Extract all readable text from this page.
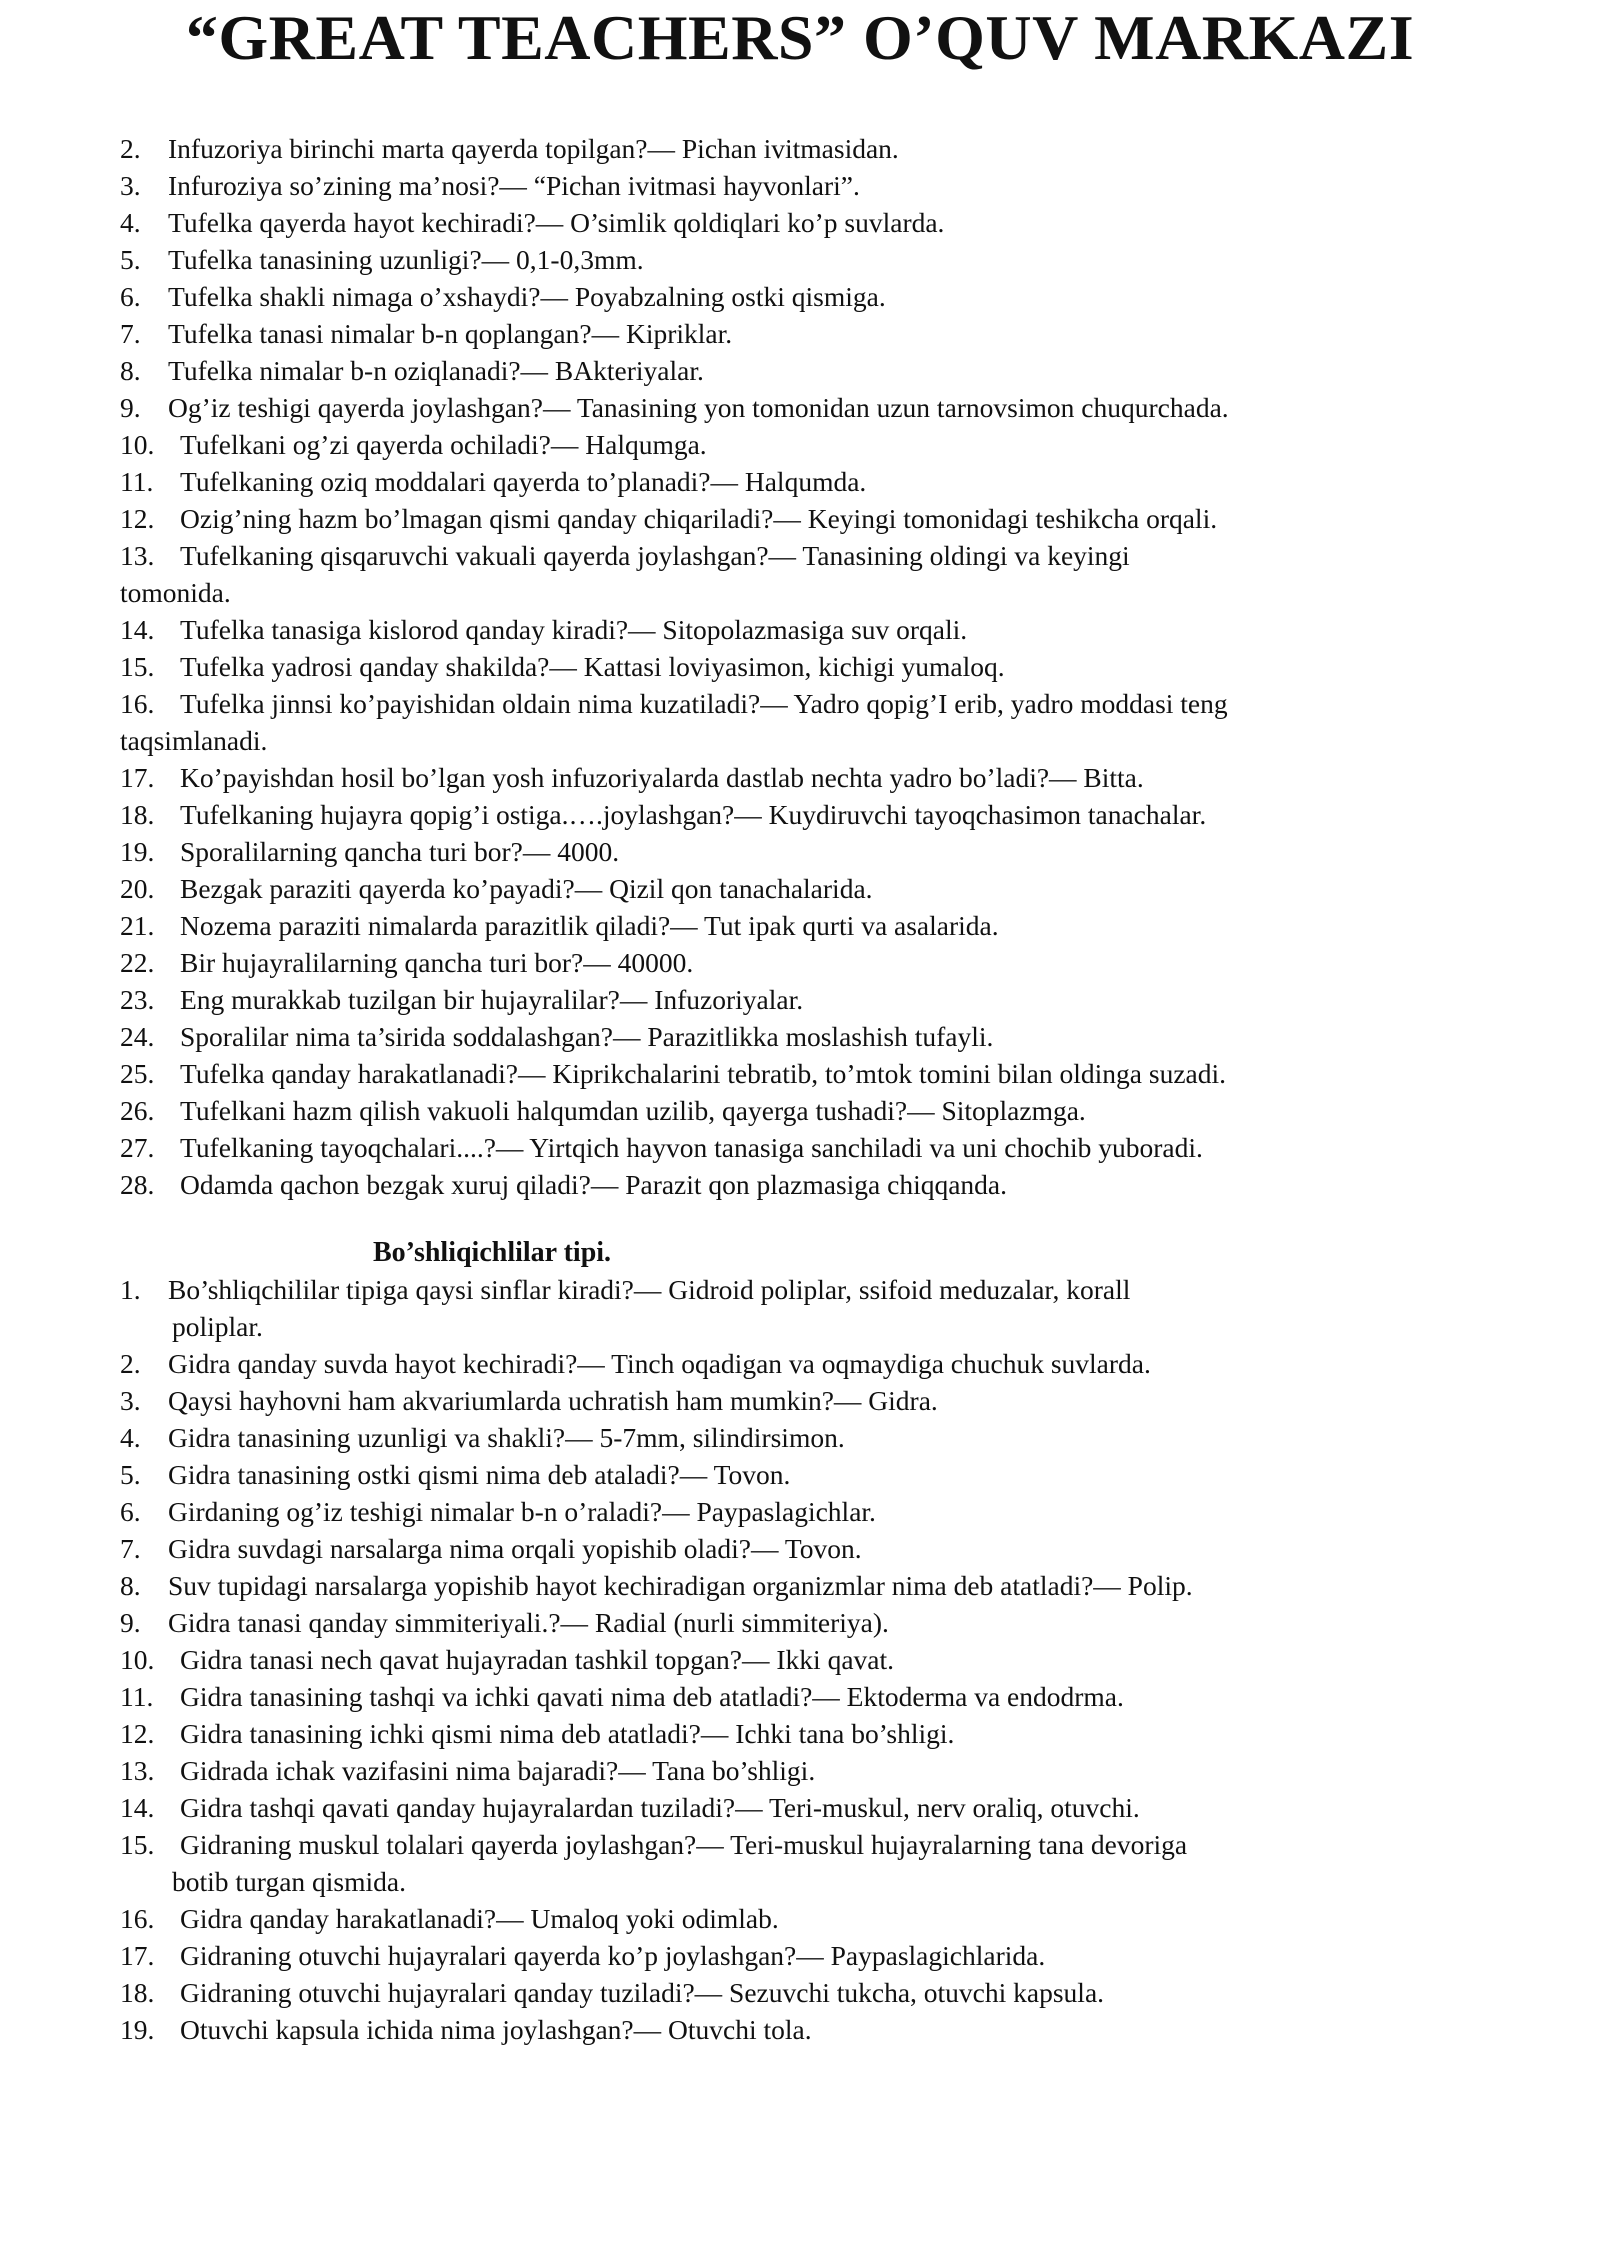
“GREAT TEACHERS” O’QUV MARKAZI
2. Infuzoriya birinchi marta qayerda topilgan?— Pichan ivitmasidan.
3. Infuroziya so’zining ma’nosi?— “Pichan ivitmasi hayvonlari”.
4. Tufelka qayerda hayot kechiradi?— O’simlik qoldiqlari ko’p suvlarda.
5. Tufelka tanasining uzunligi?— 0,1-0,3mm.
6. Tufelka shakli nimaga o’xshaydi?— Poyabzalning ostki qismiga.
7. Tufelka tanasi nimalar b-n qoplangan?— Kipriklar.
8. Tufelka nimalar b-n oziqlanadi?— BAkteriyalar.
9. Og’iz teshigi qayerda joylashgan?— Tanasining yon tomonidan uzun tarnovsimon chuqurchada.
10. Tufelkani og’zi qayerda ochiladi?— Halqumga.
11. Tufelkaning oziq moddalari qayerda to’planadi?— Halqumda.
12. Ozig’ning hazm bo’lmagan qismi qanday chiqariladi?— Keyingi tomonidagi teshikcha orqali.
13. Tufelkaning qisqaruvchi vakuali qayerda joylashgan?— Tanasining oldingi va keyingi
tomonida.
14. Tufelka tanasiga kislorod qanday kiradi?— Sitopolazmasiga suv orqali.
15. Tufelka yadrosi qanday shakilda?— Kattasi loviyasimon, kichigi yumaloq.
16. Tufelka jinnsi ko’payishidan oldain nima kuzatiladi?— Yadro qopig’I erib, yadro moddasi teng
taqsimlanadi.
17. Ko’payishdan hosil bo’lgan yosh infuzoriyalarda dastlab nechta yadro bo’ladi?— Bitta.
18. Tufelkaning hujayra qopig’i ostiga.….joylashgan?— Kuydiruvchi tayoqchasimon tanachalar.
19. Sporalilarning qancha turi bor?— 4000.
20. Bezgak paraziti qayerda ko’payadi?— Qizil qon tanachalarida.
21. Nozema paraziti nimalarda parazitlik qiladi?— Tut ipak qurti va asalarida.
22. Bir hujayralilarning qancha turi bor?— 40000.
23. Eng murakkab tuzilgan bir hujayralilar?— Infuzoriyalar.
24. Sporalilar nima ta’sirida soddalashgan?— Parazitlikka moslashish tufayli.
25. Tufelka qanday harakatlanadi?— Kiprikchalarini tebratib, to’mtok tomini bilan oldinga suzadi.
26. Tufelkani hazm qilish vakuoli halqumdan uzilib, qayerga tushadi?— Sitoplazmga.
27. Tufelkaning tayoqchalari....?— Yirtqich hayvon tanasiga sanchiladi va uni chochib yuboradi.
28. Odamda qachon bezgak xuruj qiladi?— Parazit qon plazmasiga chiqqanda.
Bo’shliqichlilar tipi.
1. Bo’shliqchililar tipiga qaysi sinflar kiradi?— Gidroid poliplar, ssifoid meduzalar, korall
poliplar.
2. Gidra qanday suvda hayot kechiradi?— Tinch oqadigan va oqmaydiga chuchuk suvlarda.
3. Qaysi hayhovni ham akvariumlarda uchratish ham mumkin?— Gidra.
4. Gidra tanasining uzunligi va shakli?— 5-7mm, silindirsimon.
5. Gidra tanasining ostki qismi nima deb ataladi?— Tovon.
6. Girdaning og’iz teshigi nimalar b-n o’raladi?— Paypaslagichlar.
7. Gidra suvdagi narsalarga nima orqali yopishib oladi?— Tovon.
8. Suv tupidagi narsalarga yopishib hayot kechiradigan organizmlar nima deb atatladi?— Polip.
9. Gidra tanasi qanday simmiteriyali.?— Radial (nurli simmiteriya).
10. Gidra tanasi nech qavat hujayradan tashkil topgan?— Ikki qavat.
11. Gidra tanasining tashqi va ichki qavati nima deb atatladi?— Ektoderma va endodrma.
12. Gidra tanasining ichki qismi nima deb atatladi?— Ichki tana bo’shligi.
13. Gidrada ichak vazifasini nima bajaradi?— Tana bo’shligi.
14. Gidra tashqi qavati qanday hujayralardan tuziladi?— Teri-muskul, nerv oraliq, otuvchi.
15. Gidraning muskul tolalari qayerda joylashgan?— Teri-muskul hujayralarning tana devoriga
botib turgan qismida.
16. Gidra qanday harakatlanadi?— Umaloq yoki odimlab.
17. Gidraning otuvchi hujayralari qayerda ko’p joylashgan?— Paypaslagichlarida.
18. Gidraning otuvchi hujayralari qanday tuziladi?— Sezuvchi tukcha, otuvchi kapsula.
19. Otuvchi kapsula ichida nima joylashgan?— Otuvchi tola.
